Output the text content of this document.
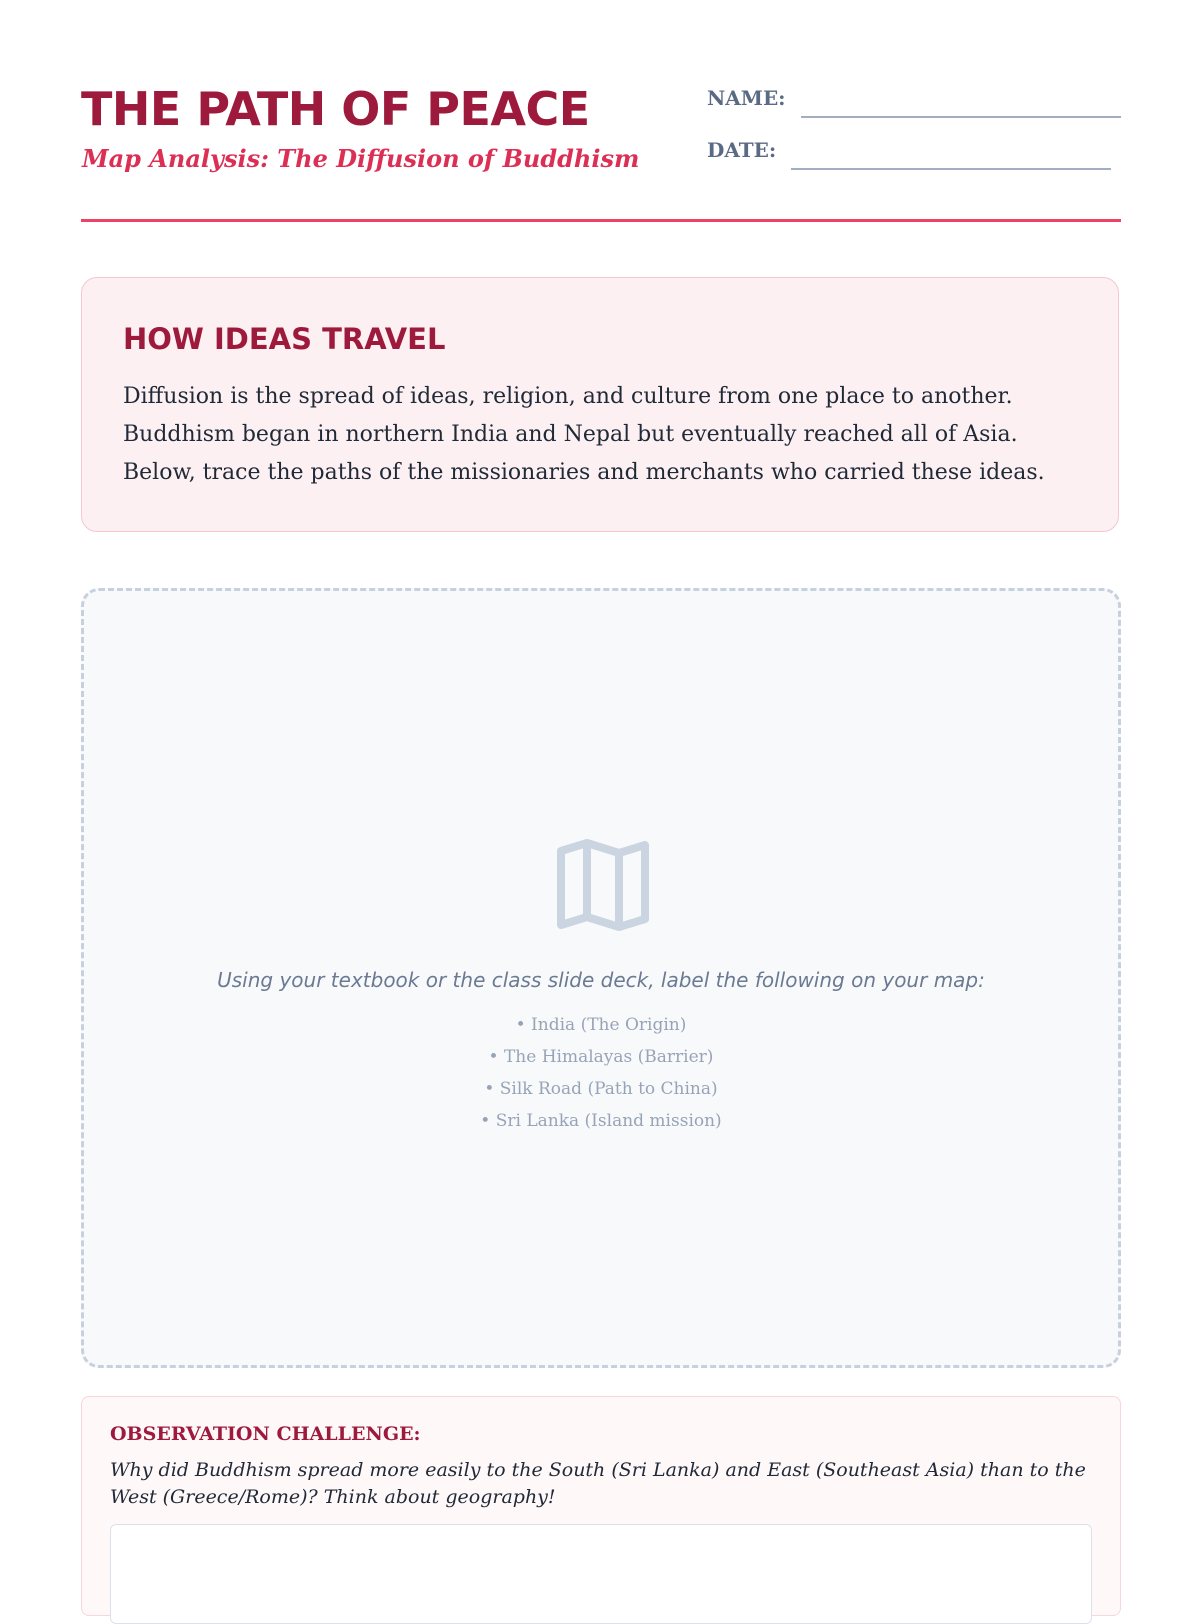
THE PATH OF PEACE
Map Analysis: The Diffusion of Buddhism
NAME:
DATE:
HOW IDEAS TRAVEL
Diffusion is the spread of ideas, religion, and culture from one place to another.
Buddhism began in northern India and Nepal but eventually reached all of Asia.
Below, trace the paths of the missionaries and merchants who carried these ideas.
Using your textbook or the class slide deck, label the following on your map:
• India (The Origin)
• The Himalayas (Barrier)
• Silk Road (Path to China)
• Sri Lanka (Island mission)
OBSERVATION CHALLENGE:
Why did Buddhism spread more easily to the South (Sri Lanka) and East (Southeast Asia) than to the West (Greece/Rome)? Think about geography!
